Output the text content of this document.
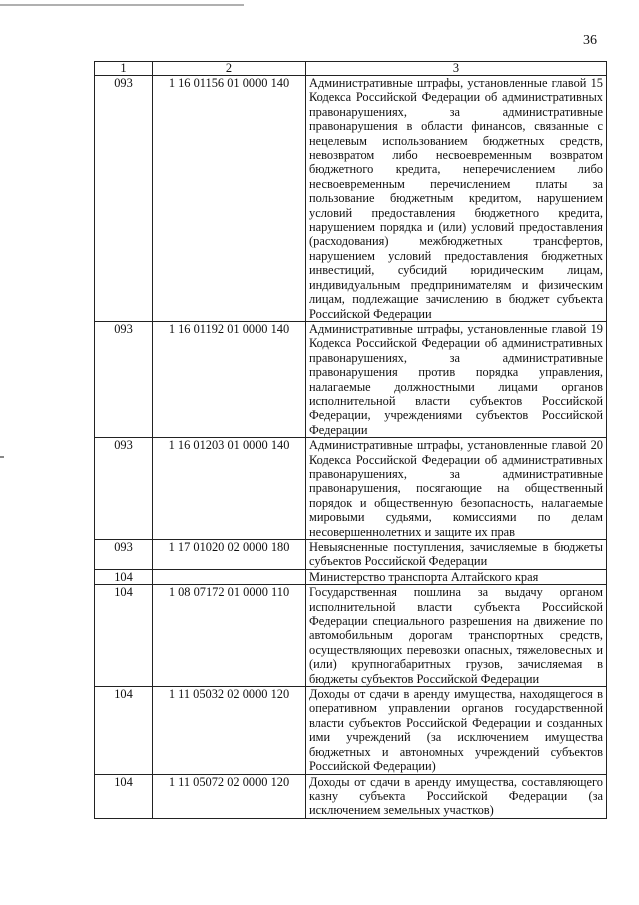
36
1	2	3
093	1 16 01156 01 0000 140	Административные штрафы, установленные главой 15 Кодекса Российской Федерации об административных правонарушениях, за административные правонарушения в области финансов, связанные с нецелевым использованием бюджетных средств, невозвратом либо несвоевременным возвратом бюджетного кредита, неперечислением либо несвоевременным перечислением платы за пользование бюджетным кредитом, нарушением условий предоставления бюджетного кредита, нарушением порядка и (или) условий предоставления (расходования) межбюджетных трансфертов, нарушением условий предоставления бюджетных инвестиций, субсидий юридическим лицам, индивидуальным предпринимателям и физическим лицам, подлежащие зачислению в бюджет субъекта Российской Федерации
093	1 16 01192 01 0000 140	Административные штрафы, установленные главой 19 Кодекса Российской Федерации об административных правонарушениях, за административные правонарушения против порядка управления, налагаемые должностными лицами органов исполнительной власти субъектов Российской Федерации, учреждениями субъектов Российской Федерации
093	1 16 01203 01 0000 140	Административные штрафы, установленные главой 20 Кодекса Российской Федерации об административных правонарушениях, за административные правонарушения, посягающие на общественный порядок и общественную безопасность, налагаемые мировыми судьями, комиссиями по делам несовершеннолетних и защите их прав
093	1 17 01020 02 0000 180	Невыясненные поступления, зачисляемые в бюджеты субъектов Российской Федерации
104		Министерство транспорта Алтайского края
104	1 08 07172 01 0000 110	Государственная пошлина за выдачу органом исполнительной власти субъекта Российской Федерации специального разрешения на движение по автомобильным дорогам транспортных средств, осуществляющих перевозки опасных, тяжеловесных и (или) крупногабаритных грузов, зачисляемая в бюджеты субъектов Российской Федерации
104	1 11 05032 02 0000 120	Доходы от сдачи в аренду имущества, находящегося в оперативном управлении органов государственной власти субъектов Российской Федерации и созданных ими учреждений (за исключением имущества бюджетных и автономных учреждений субъектов Российской Федерации)
104	1 11 05072 02 0000 120	Доходы от сдачи в аренду имущества, составляющего казну субъекта Российской Федерации (за исключением земельных участков)
